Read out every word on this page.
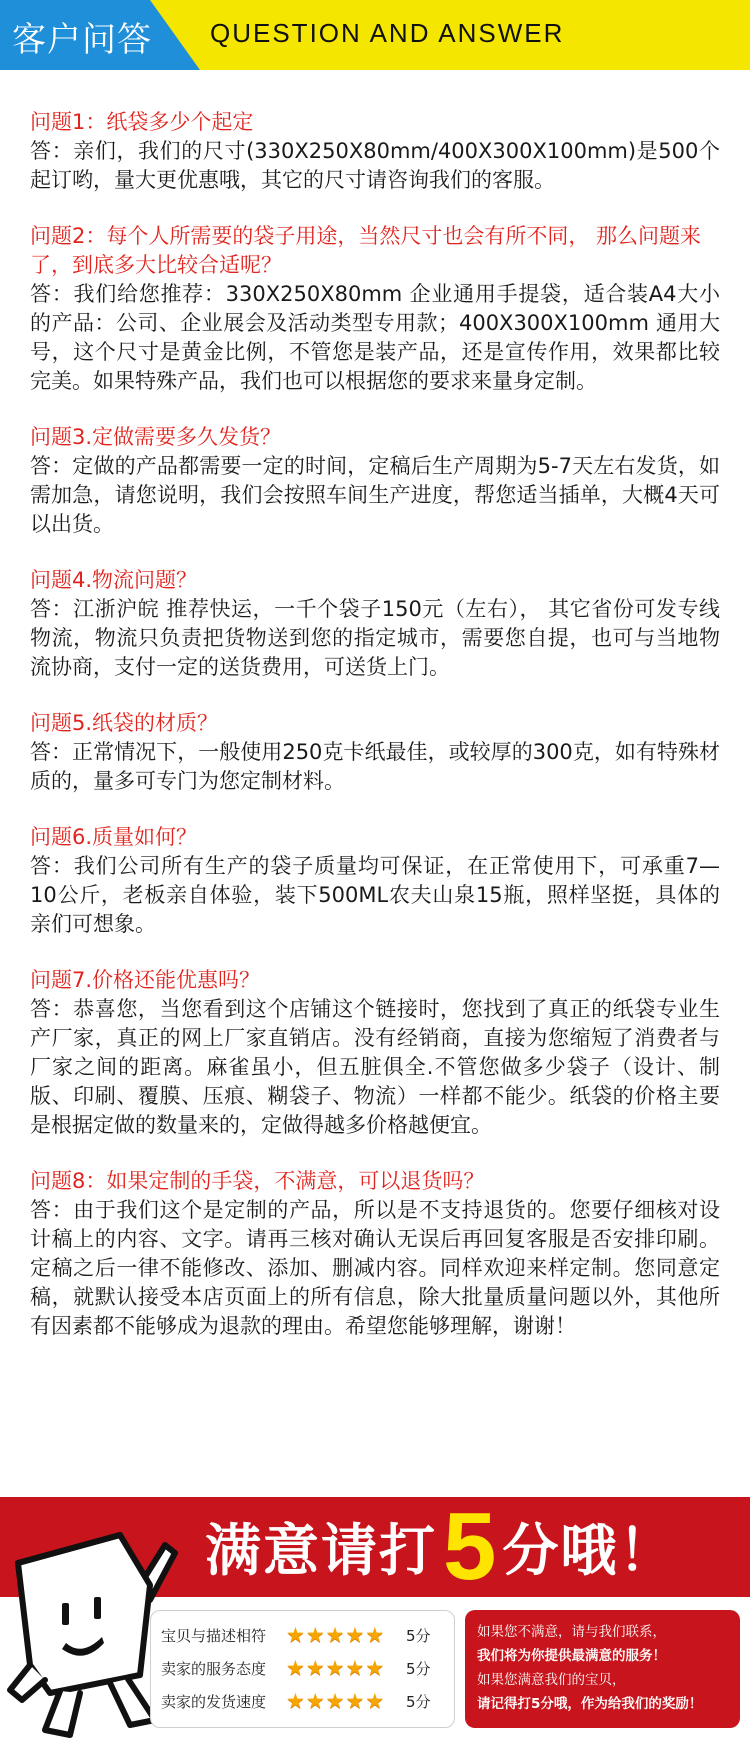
客户问答 QUESTION AND ANSWER
问题1：纸袋多少个起定
答：亲们，我们的尺寸(330X250X80mm/400X300X100mm)是500个起订哟，量大更优惠哦，其它的尺寸请咨询我们的客服。
问题2：每个人所需要的袋子用途，当然尺寸也会有所不同， 那么问题来了，到底多大比较合适呢？
答：我们给您推荐：330X250X80mm 企业通用手提袋，适合装A4大小的产品：公司、企业展会及活动类型专用款；400X300X100mm 通用大号，这个尺寸是黄金比例，不管您是装产品，还是宣传作用，效果都比较完美。如果特殊产品，我们也可以根据您的要求来量身定制。
问题3.定做需要多久发货？
答：定做的产品都需要一定的时间，定稿后生产周期为5-7天左右发货，如需加急，请您说明，我们会按照车间生产进度，帮您适当插单，大概4天可以出货。
问题4.物流问题？
答：江浙沪皖 推荐快运，一千个袋子150元（左右）， 其它省份可发专线物流，物流只负责把货物送到您的指定城市，需要您自提，也可与当地物流协商，支付一定的送货费用，可送货上门。
问题5.纸袋的材质？
答：正常情况下，一般使用250克卡纸最佳，或较厚的300克，如有特殊材质的，量多可专门为您定制材料。
问题6.质量如何？
答：我们公司所有生产的袋子质量均可保证，在正常使用下，可承重7—10公斤，老板亲自体验，装下500ML农夫山泉15瓶，照样坚挺，具体的亲们可想象。
问题7.价格还能优惠吗？
答：恭喜您，当您看到这个店铺这个链接时，您找到了真正的纸袋专业生产厂家，真正的网上厂家直销店。没有经销商，直接为您缩短了消费者与厂家之间的距离。麻雀虽小，但五脏俱全.不管您做多少袋子（设计、制版、印刷、覆膜、压痕、糊袋子、物流）一样都不能少。纸袋的价格主要是根据定做的数量来的，定做得越多价格越便宜。
问题8：如果定制的手袋，不满意，可以退货吗？
答：由于我们这个是定制的产品，所以是不支持退货的。您要仔细核对设计稿上的内容、文字。请再三核对确认无误后再回复客服是否安排印刷。定稿之后一律不能修改、添加、删减内容。同样欢迎来样定制。您同意定稿，就默认接受本店页面上的所有信息，除大批量质量问题以外，其他所有因素都不能够成为退款的理由。希望您能够理解，谢谢！
满意请打 5 分哦！
宝贝与描述相符 ★ ★ ★ ★ ★ 5分
卖家的服务态度 ★ ★ ★ ★ ★ 5分
卖家的发货速度 ★ ★ ★ ★ ★ 5分
如果您不满意，请与我们联系，
我们将为你提供最满意的服务！
如果您满意我们的宝贝，
请记得打5分哦，作为给我们的奖励！
